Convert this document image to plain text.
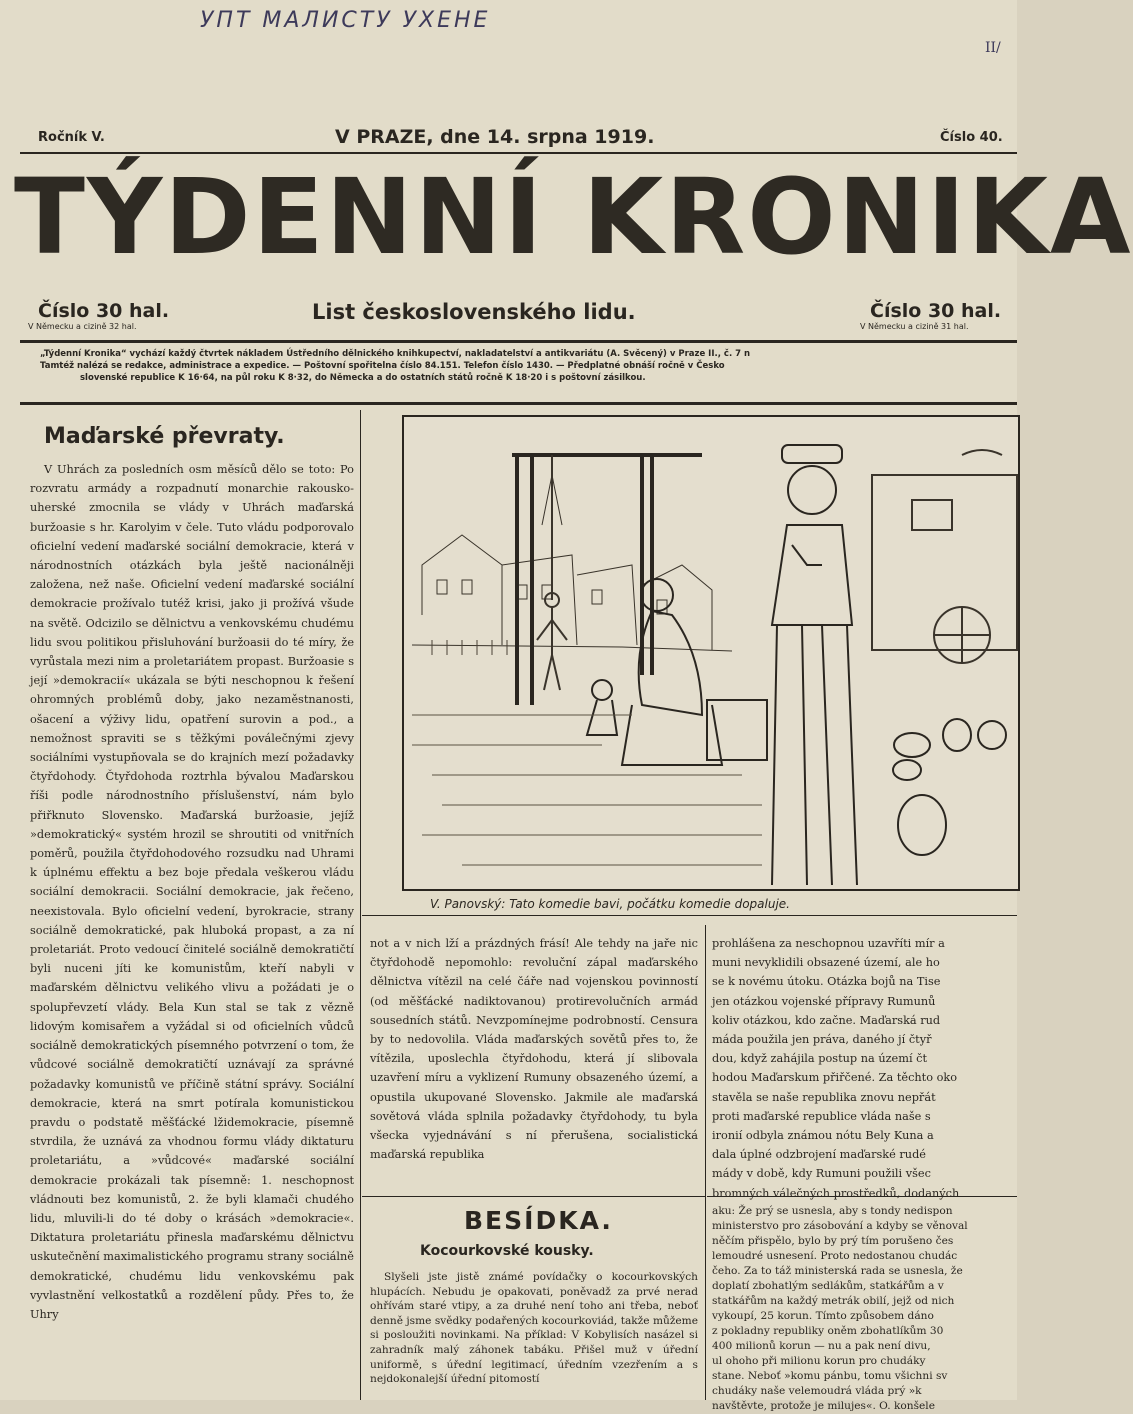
УПТ МАЛИСТУ УХЕНЕ
II/
Ročník V.	V PRAZE, dne 14. srpna 1919.	Číslo 40.
TÝDENNÍ KRONIKA
Číslo 30 hal.
V Německu a cizině 32 hal.
List československého lidu.	Číslo 30 hal.
V Německu a cizině 31 hal.
„Týdenní Kronika“ vychází každý čtvrtek nákladem Ústředního dělnického knihkupectví, nakladatelství a antikvariátu (A. Svěcený) v Praze II., č. 7 n
Tamtéž nalézá se redakce, administrace a expedice. — Poštovní spořitelna číslo 84.151. Telefon číslo 1430. — Předplatné obnáší ročně v Česko
slovenské republice K 16·64, na půl roku K 8·32, do Německa a do ostatních států ročně K 18·20 i s poštovní zásilkou.
Maďarské převraty.

V Uhrách za posledních osm měsíců dělo se toto: Po rozvratu armády a rozpadnutí monarchie rakousko-uherské zmocnila se vlády v Uhrách maďarská buržoasie s hr. Karolyim v čele. Tuto vládu podporovalo oficielní vedení maďarské sociální demokracie, která v národnostních otázkách byla ještě nacionálněji založena, než naše. Oficielní vedení maďarské sociální demokracie prožívalo tutéž krisi, jako ji prožívá všude na světě. Odcizilo se dělnictvu a venkovskému chudému lidu svou politikou přisluhování buržoasii do té míry, že vyrůstala mezi nim a proletariátem propast. Buržoasie s její »demokracií« ukázala se býti neschopnou k řešení ohromných problémů doby, jako nezaměstnanosti, ošacení a výživy lidu, opatření surovin a pod., a nemožnost spraviti se s těžkými poválečnými zjevy sociálními vystupňovala se do krajních mezí požadavky čtyřdohody. Čtyřdohoda roztrhla bývalou Maďarskou říši podle národnostního příslušenství, nám bylo přiřknuto Slovensko. Maďarská buržoasie, jejíž »demokratický« systém hrozil se shroutiti od vnitřních poměrů, použila čtyřdohodového rozsudku nad Uhrami k úplnému effektu a bez boje předala veškerou vládu sociální demokracii. Sociální demokracie, jak řečeno, neexistovala. Bylo oficielní vedení, byrokracie, strany sociálně demokratické, pak hluboká propast, a za ní proletariát. Proto vedoucí činitelé sociálně demokratičtí byli nuceni jíti ke komunistům, kteří nabyli v maďarském dělnictvu velikého vlivu a požádati je o spolupřevzetí vlády. Bela Kun stal se tak z vězně lidovým komisařem a vyžádal si od oficielních vůdců sociálně demokratických písemného potvrzení o tom, že vůdcové sociálně demokratičtí uznávají za správné požadavky komunistů ve příčině státní správy. Sociální demokracie, která na smrt potírala komunistickou pravdu o podstatě měšťácké lžidemokracie, písemně stvrdila, že uznává za vhodnou formu vlády diktaturu proletariátu, a »vůdcové« maďarské sociální demokracie prokázali tak písemně: 1. neschopnost vládnouti bez komunistů, 2. že byli klamači chudého lidu, mluvili-li do té doby o krásách »demokracie«. Diktatura proletariátu přinesla maďarskému dělnictvu uskutečnění maximalistického programu strany sociálně demokratické, chudému lidu venkovskému pak vyvlastnění velkostatků a rozdělení půdy. Přes to, že Uhry

V. Panovský: Tato komedie bavi, počátku komedie dopaluje.
not a v nich lží a prázdných frásí! Ale tehdy na jaře nic čtyřdohodě nepomohlo: revoluční zápal maďarského dělnictva vítězil na celé čáře nad vojenskou povinností (od měšťácké nadiktovanou) protirevolučních armád sousedních států. Nevzpomínejme podrobností. Censura by to nedovolila. Vláda maďarských sovětů přes to, že vítězila, uposlechla čtyřdohodu, která jí slibovala uzavření míru a vyklizení Rumuny obsazeného území, a opustila ukupované Slovensko. Jakmile ale maďarská sovětová vláda splnila požadavky čtyřdohody, tu byla všecka vyjednávání s ní přerušena, socialistická maďarská republika
prohlášena za neschopnou uzavříti mír a
muni nevyklidili obsazené území, ale ho
se k novému útoku. Otázka bojů na Tise
jen otázkou vojenské přípravy Rumunů
koliv otázkou, kdo začne. Maďarská rud
máda použila jen práva, daného jí čtyř
dou, když zahájila postup na území čt
hodou Maďarskum přiřčené. Za těchto oko
stavěla se naše republika znovu nepřát
proti maďarské republice vláda naše s
ironií odbyla známou nótu Bely Kuna a
dala úplné odzbrojení maďarské rudé
mády v době, kdy Rumuni použili všec
bromných válečných prostředků, dodaných
BESÍDKA.
Kocourkovské kousky.
Slyšeli jste jistě známé povídačky o kocourkovských hlupácích. Nebudu je opakovati, poněvadž za prvé nerad ohřívám staré vtipy, a za druhé není toho ani třeba, neboť denně jsme svědky podařených kocourkoviád, takže můžeme si posloužiti novinkami. Na příklad: V Kobylisích nasázel si zahradník malý záhonek tabáku. Přišel muž v úřední uniformě, s úřední legitimací, úředním vzezřením a s nejdokonalejší úřední pitomostí
aku: Že prý se usnesla, aby s tondy nedispon
ministerstvo pro zásobování a kdyby se věnoval
něčím přispělo, bylo by prý tím porušeno čes
lemoudré usnesení. Proto nedostanou chudác
čeho. Za to táž ministerská rada se usnesla, že
doplatí zbohatlým sedlákům, statkářům a v
statkářům na každý metrák obilí, jejž od nich
vykoupí, 25 korun. Tímto způsobem dáno
z pokladny republiky oněm zbohatlíkům 30
400 milionů korun — nu a pak není divu,
ul ohoho při milionu korun pro chudáky
stane. Neboť »komu pánbu, tomu všichni sv
chudáky naše velemoudrá vláda prý »k
navštěvte, protože je milujes«. O. konšele
